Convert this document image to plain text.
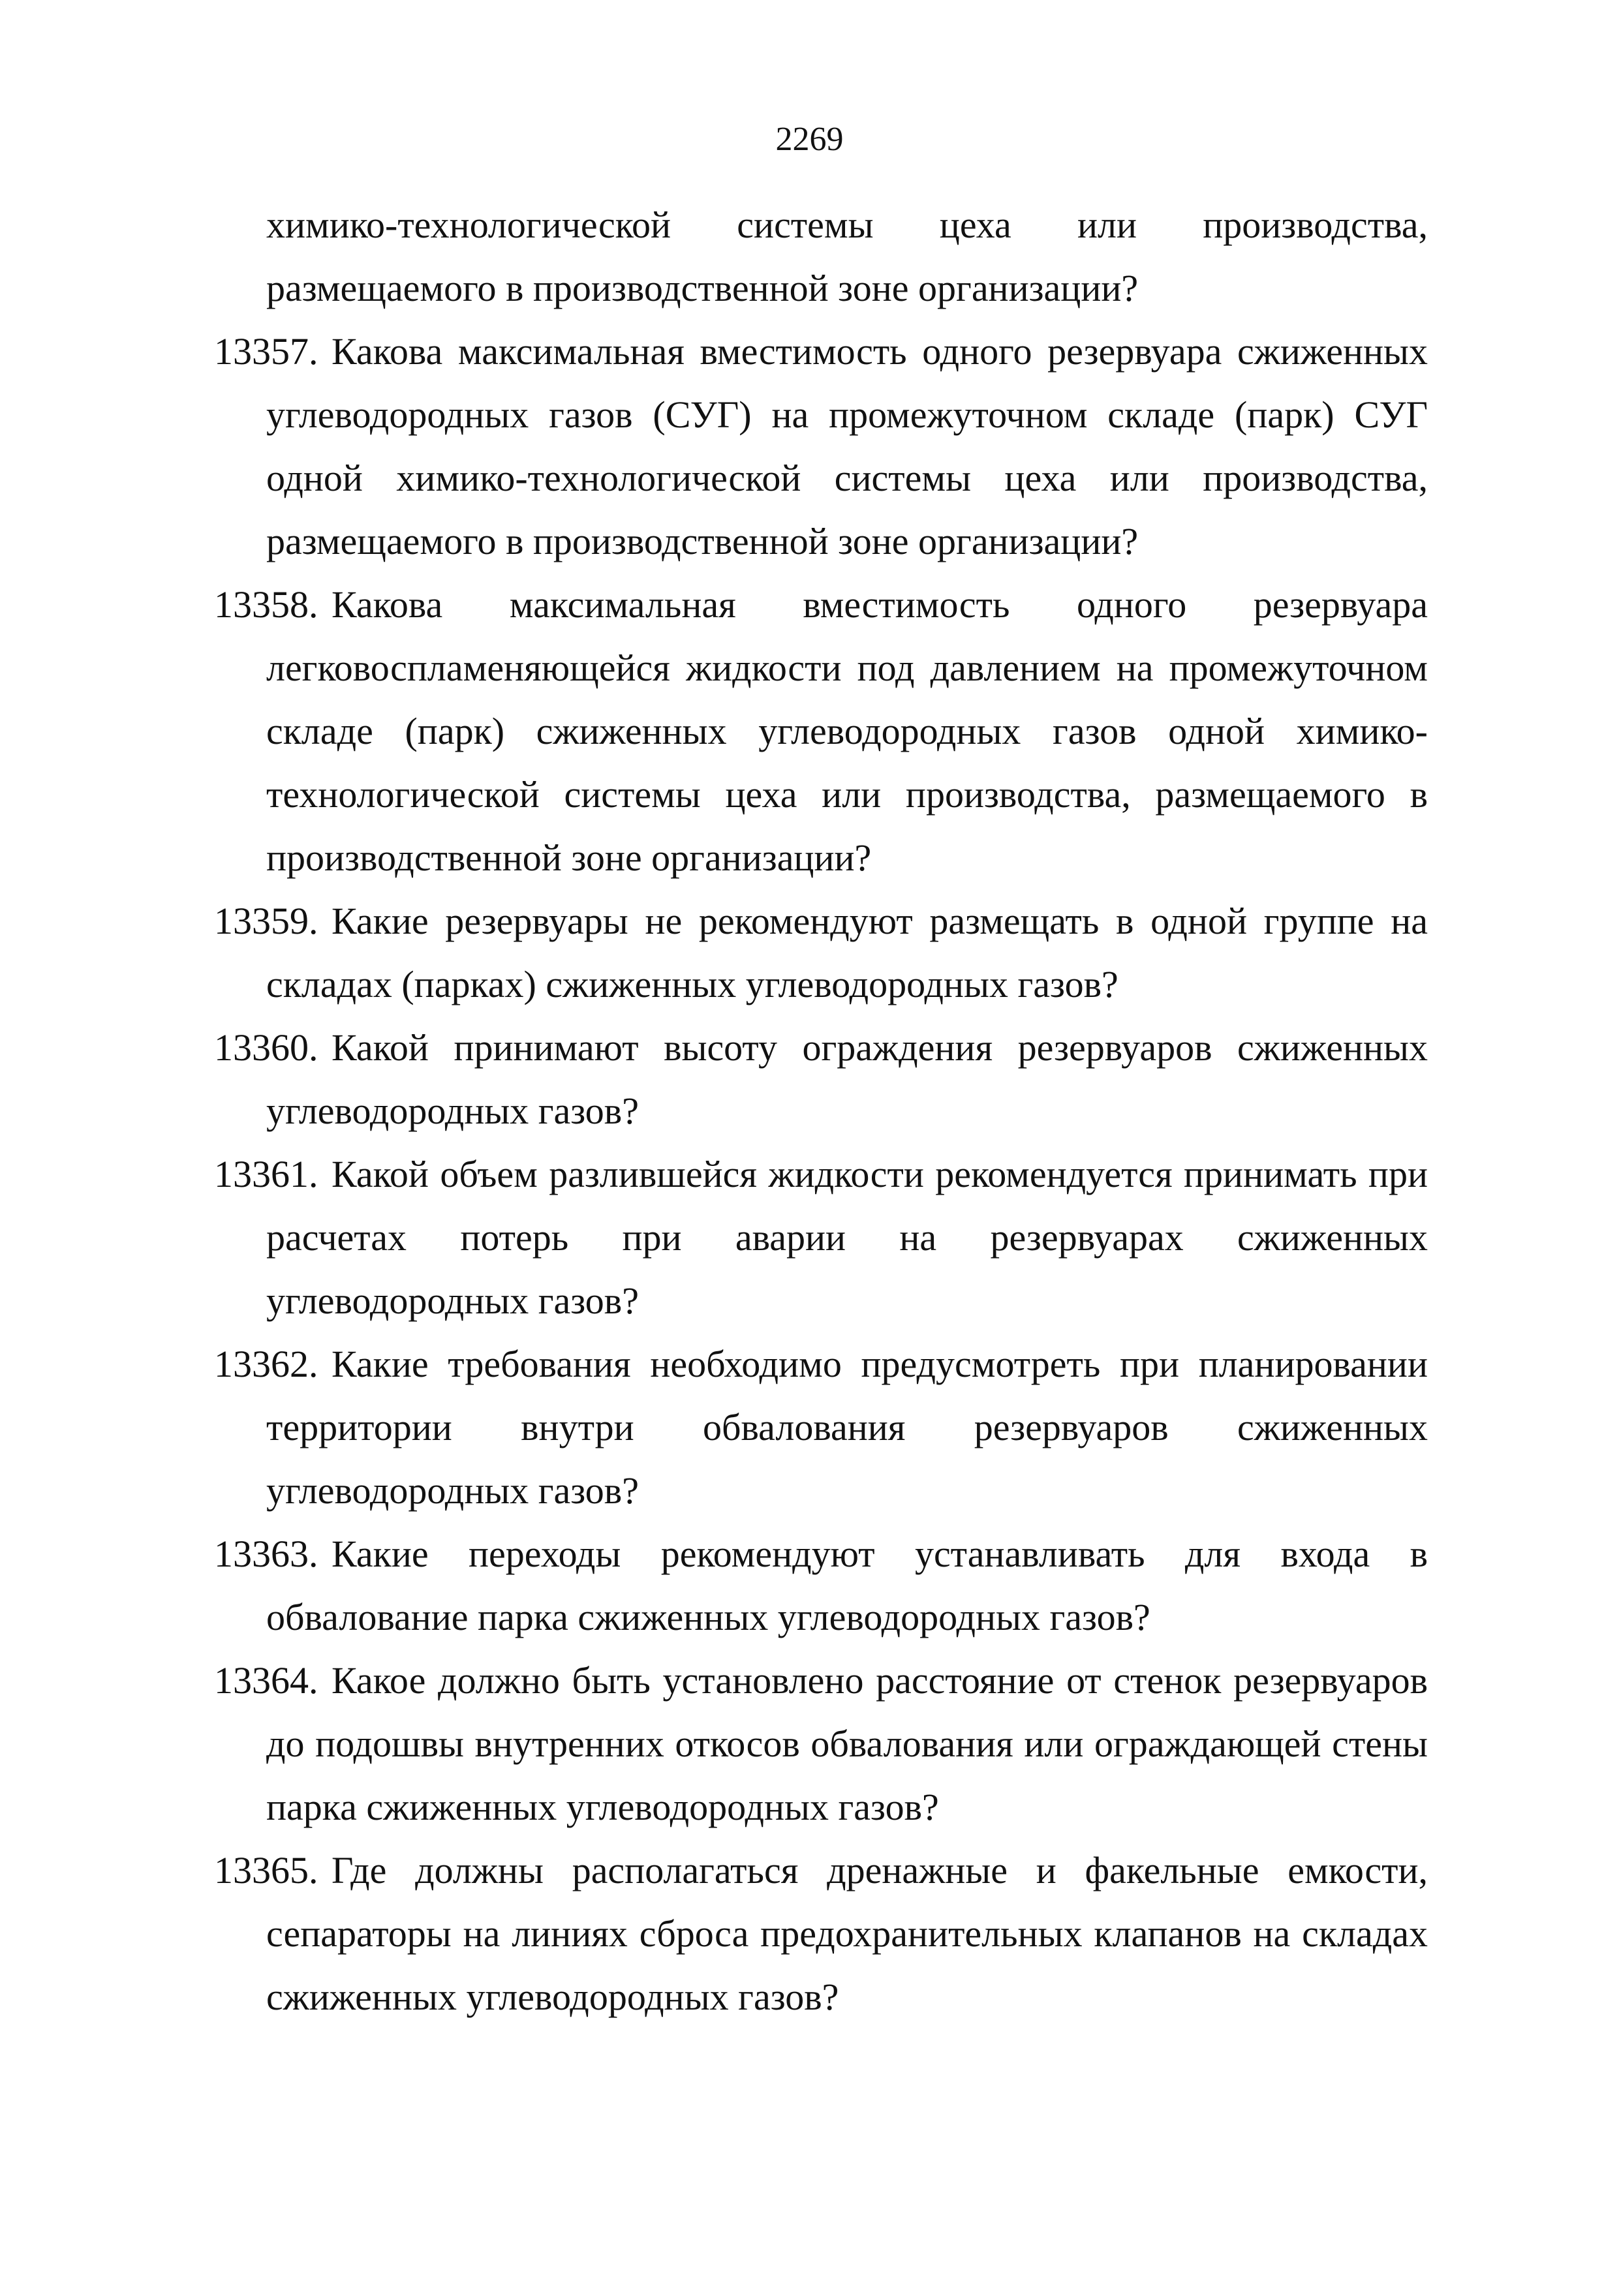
2269
химико-технологической системы цеха или производства, размещаемого в производственной зоне организации?
13357. Какова максимальная вместимость одного резервуара сжиженных углеводородных газов (СУГ) на промежуточном складе (парк) СУГ одной химико-технологической системы цеха или производства, размещаемого в производственной зоне организации?
13358. Какова максимальная вместимость одного резервуара легковоспламеняющейся жидкости под давлением на промежуточном складе (парк) сжиженных углеводородных газов одной химико-технологической системы цеха или производства, размещаемого в производственной зоне организации?
13359. Какие резервуары не рекомендуют размещать в одной группе на складах (парках) сжиженных углеводородных газов?
13360. Какой принимают высоту ограждения резервуаров сжиженных углеводородных газов?
13361. Какой объем разлившейся жидкости рекомендуется принимать при расчетах потерь при аварии на резервуарах сжиженных углеводородных газов?
13362. Какие требования необходимо предусмотреть при планировании территории внутри обвалования резервуаров сжиженных углеводородных газов?
13363. Какие переходы рекомендуют устанавливать для входа в обвалование парка сжиженных углеводородных газов?
13364. Какое должно быть установлено расстояние от стенок резервуаров до подошвы внутренних откосов обвалования или ограждающей стены парка сжиженных углеводородных газов?
13365. Где должны располагаться дренажные и факельные емкости, сепараторы на линиях сброса предохранительных клапанов на складах сжиженных углеводородных газов?
